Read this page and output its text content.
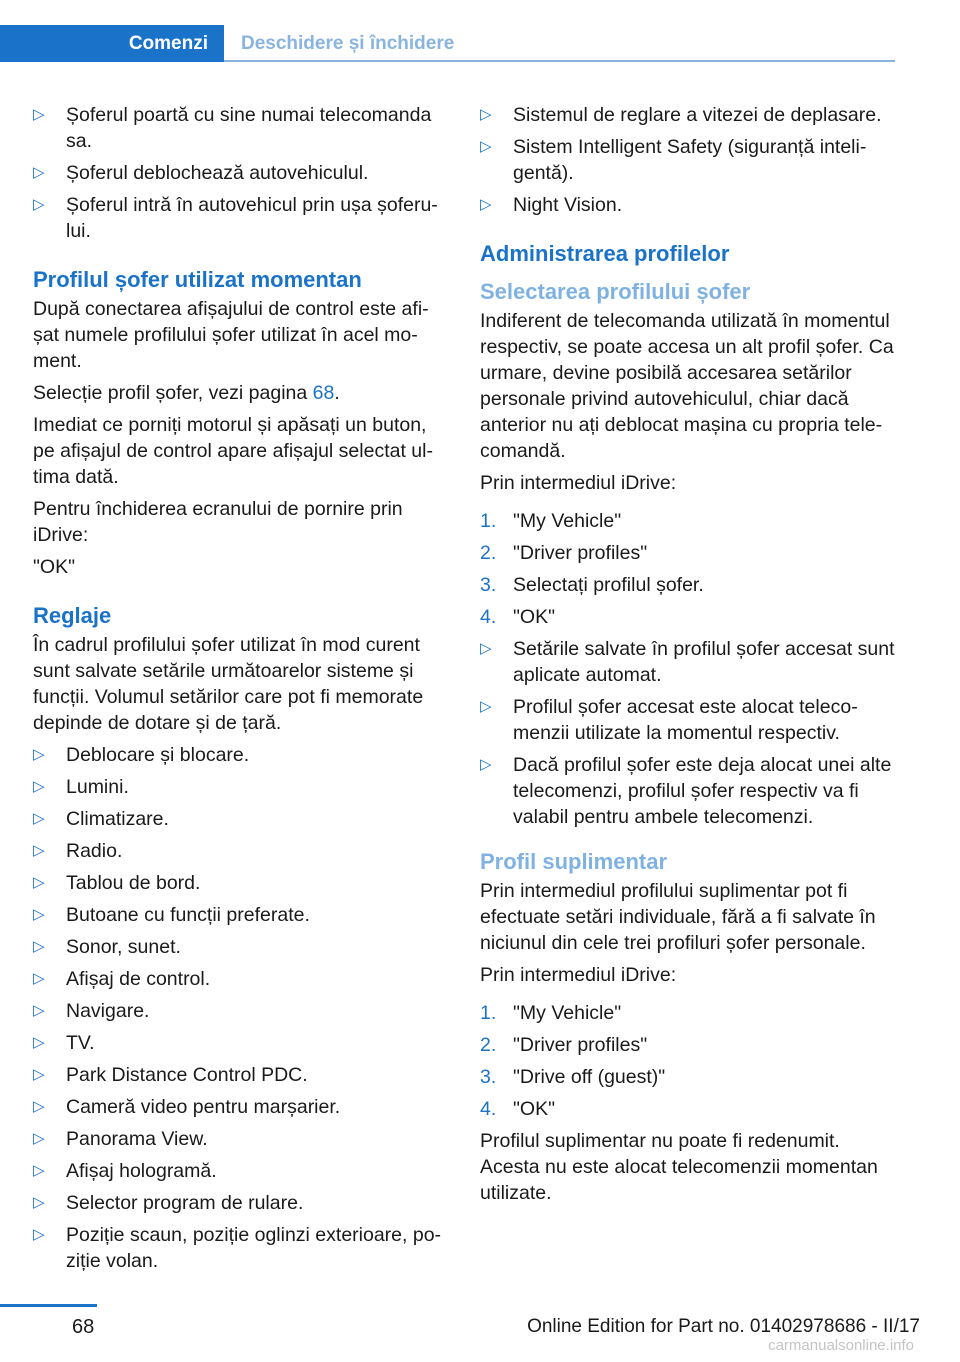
Comenzi	Deschidere și închidere
▷ Șoferul poartă cu sine numai telecomanda sa.
▷ Șoferul deblochează autovehiculul.
▷ Șoferul intră în autovehicul prin ușa șoferului.
Profilul șofer utilizat momentan

După conectarea afișajului de control este afișat numele profilului șofer utilizat în acel moment.

Selecție profil șofer, vezi pagina 68.

Imediat ce porniți motorul și apăsați un buton, pe afișajul de control apare afișajul selectat ultima dată.

Pentru închiderea ecranului de pornire prin iDrive:

"OK"

Reglaje

În cadrul profilului șofer utilizat în mod curent sunt salvate setările următoarelor sisteme și funcții. Volumul setărilor care pot fi memorate depinde de dotare și de țară.

▷ Deblocare și blocare.
▷ Lumini.
▷ Climatizare.
▷ Radio.
▷ Tablou de bord.
▷ Butoane cu funcții preferate.
▷ Sonor, sunet.
▷ Afișaj de control.
▷ Navigare.
▷ TV.
▷ Park Distance Control PDC.
▷ Cameră video pentru marșarier.
▷ Panorama View.
▷ Afișaj hologramă.
▷ Selector program de rulare.
▷ Poziție scaun, poziție oglinzi exterioare, poziție volan.
▷ Sistemul de reglare a vitezei de deplasare.
▷ Sistem Intelligent Safety (siguranță inteligentă).
▷ Night Vision.
Administrarea profilelor
Selectarea profilului șofer

Indiferent de telecomanda utilizată în momentul respectiv, se poate accesa un alt profil șofer. Ca urmare, devine posibilă accesarea setărilor personale privind autovehiculul, chiar dacă anterior nu ați deblocat mașina cu propria telecomandă.

Prin intermediul iDrive:

1. "My Vehicle"
2. "Driver profiles"
3. Selectați profilul șofer.
4. "OK"
▷ Setările salvate în profilul șofer accesat sunt aplicate automat.
▷ Profilul șofer accesat este alocat telecomenzii utilizate la momentul respectiv.
▷ Dacă profilul șofer este deja alocat unei alte telecomenzi, profilul șofer respectiv va fi valabil pentru ambele telecomenzi.
Profil suplimentar

Prin intermediul profilului suplimentar pot fi efectuate setări individuale, fără a fi salvate în niciunul din cele trei profiluri șofer personale.

Prin intermediul iDrive:

1. "My Vehicle"
2. "Driver profiles"
3. "Drive off (guest)"
4. "OK"

Profilul suplimentar nu poate fi redenumit. Acesta nu este alocat telecomenzii momentan utilizate.

68	Online Edition for Part no. 01402978686 - II/17
carmanualsonline.info
